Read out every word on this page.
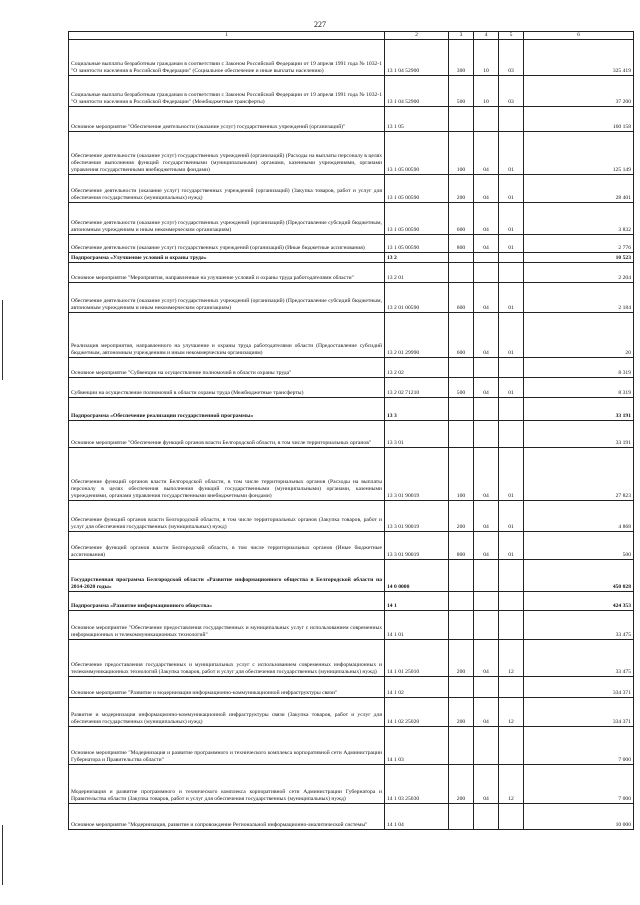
227
1	2	3	4	5	6
Социальные выплаты безработным гражданам в соответствии с Законом Российской Федерации от 19 апреля 1991 года № 1032-1 "О занятости населения в Российской Федерации" (Социальное обеспечение и иные выплаты населению)	13 1 04 52900	300	10	03	325 419
Социальные выплаты безработным гражданам в соответствии с Законом Российской Федерации от 19 апреля 1991 года № 1032-1 "О занятости населения в Российской Федерации" (Межбюджетные трансферты)	13 1 04 52900	500	10	03	37 200
Основное мероприятие "Обеспечение деятельности (оказание услуг) государственных учреждений (организаций)"	13 1 05				160 158
Обеспечение деятельности (оказание услуг) государственных учреждений (организаций) (Расходы на выплаты персоналу в целях обеспечения выполнения функций государственными (муниципальными) органами, казенными учреждениями, органами управления государственными внебюджетными фондами)	13 1 05 00590	100	04	01	125 149
Обеспечение деятельности (оказание услуг) государственных учреждений (организаций) (Закупка товаров, работ и услуг для обеспечения государственных (муниципальных) нужд)	13 1 05 00590	200	04	01	28 401
Обеспечение деятельности (оказание услуг) государственных учреждений (организаций) (Предоставление субсидий бюджетным, автономным учреждениям и иным некоммерческим организациям)	13 1 05 00590	600	04	01	3 832
Обеспечение деятельности (оказание услуг) государственных учреждений (организаций) (Иные бюджетные ассигнования)	13 1 05 00590	800	04	01	2 776
Подпрограмма «Улучшение условий и охраны труда»	13 2				10 523
Основное мероприятие "Мероприятия, направленные на улучшение условий и охраны труда работодателями области"	13 2 01				2 204
Обеспечение деятельности (оказание услуг) государственных учреждений (организаций) (Предоставление субсидий бюджетным, автономным учреждениям и иным некоммерческим организациям)	13 2 01 00590	600	04	01	2 184
Реализация мероприятия, направленного на улучшение и охраны труда работодателями области (Предоставление субсидий бюджетным, автономным учреждениям и иным некоммерческим организациям)	13 2 01 29990	600	04	01	20
Основное мероприятие "Субвенции на осуществление полномочий в области охраны труда"	13 2 02				8 319
Субвенции на осуществление полномочий в области охраны труда (Межбюджетные трансферты)	13 2 02 71210	500	04	01	8 319
Подпрограмма «Обеспечение реализации государственной программы»	13 3				33 191
Основное мероприятие "Обеспечение функций органов власти Белгородской области, в том числе территориальных органов"	13 3 01				33 191
Обеспечение функций органов власти Белгородской области, в том числе территориальных органов (Расходы на выплаты персоналу в целях обеспечения выполнения функций государственными (муниципальными) органами, казенными учреждениями, органами управления государственными внебюджетными фондами)	13 3 01 90019	100	04	01	27 823
Обеспечение функций органов власти Белгородской области, в том числе территориальных органов (Закупка товаров, работ и услуг для обеспечения государственных (муниципальных) нужд)	13 3 01 90019	200	04	01	4 868
Обеспечение функций органов власти Белгородской области, в том числе территориальных органов (Иные бюджетные ассигнования)	13 3 01 90019	800	04	01	500
Государственная программа Белгородской области «Развитие информационного общества в Белгородской области на 2014-2020 годы»	14 0 0000				450 028
Подпрограмма «Развитие информационного общества»	14 1				424 353
Основное мероприятие "Обеспечение предоставления государственных и муниципальных услуг с использованием современных информационных и телекоммуникационных технологий"	14 1 01				33 475
Обеспечение предоставления государственных и муниципальных услуг с использованием современных информационных и телекоммуникационных технологий (Закупка товаров, работ и услуг для обеспечения государственных (муниципальных) нужд)	14 1 01 25010	200	04	12	33 475
Основное мероприятие "Развитие и модернизация информационно-коммуникационной инфраструктуры связи"	14 1 02				334 371
Развитие и модернизация информационно-коммуникационной инфраструктуры связи (Закупка товаров, работ и услуг для обеспечения государственных (муниципальных) нужд)	14 1 02 25020	200	04	12	334 371
Основное мероприятие "Модернизация и развитие программного и технического комплекса корпоративной сети Администрации Губернатора и Правительства области"	14 1 03				7 000
Модернизация и развитие программного и технического комплекса корпоративной сети Администрации Губернатора и Правительства области (Закупка товаров, работ и услуг для обеспечения государственных (муниципальных) нужд)	14 1 03 25030	200	04	12	7 000
Основное мероприятие "Модернизация, развитие и сопровождение Региональной информационно-аналитической системы"	14 1 04				10 000
